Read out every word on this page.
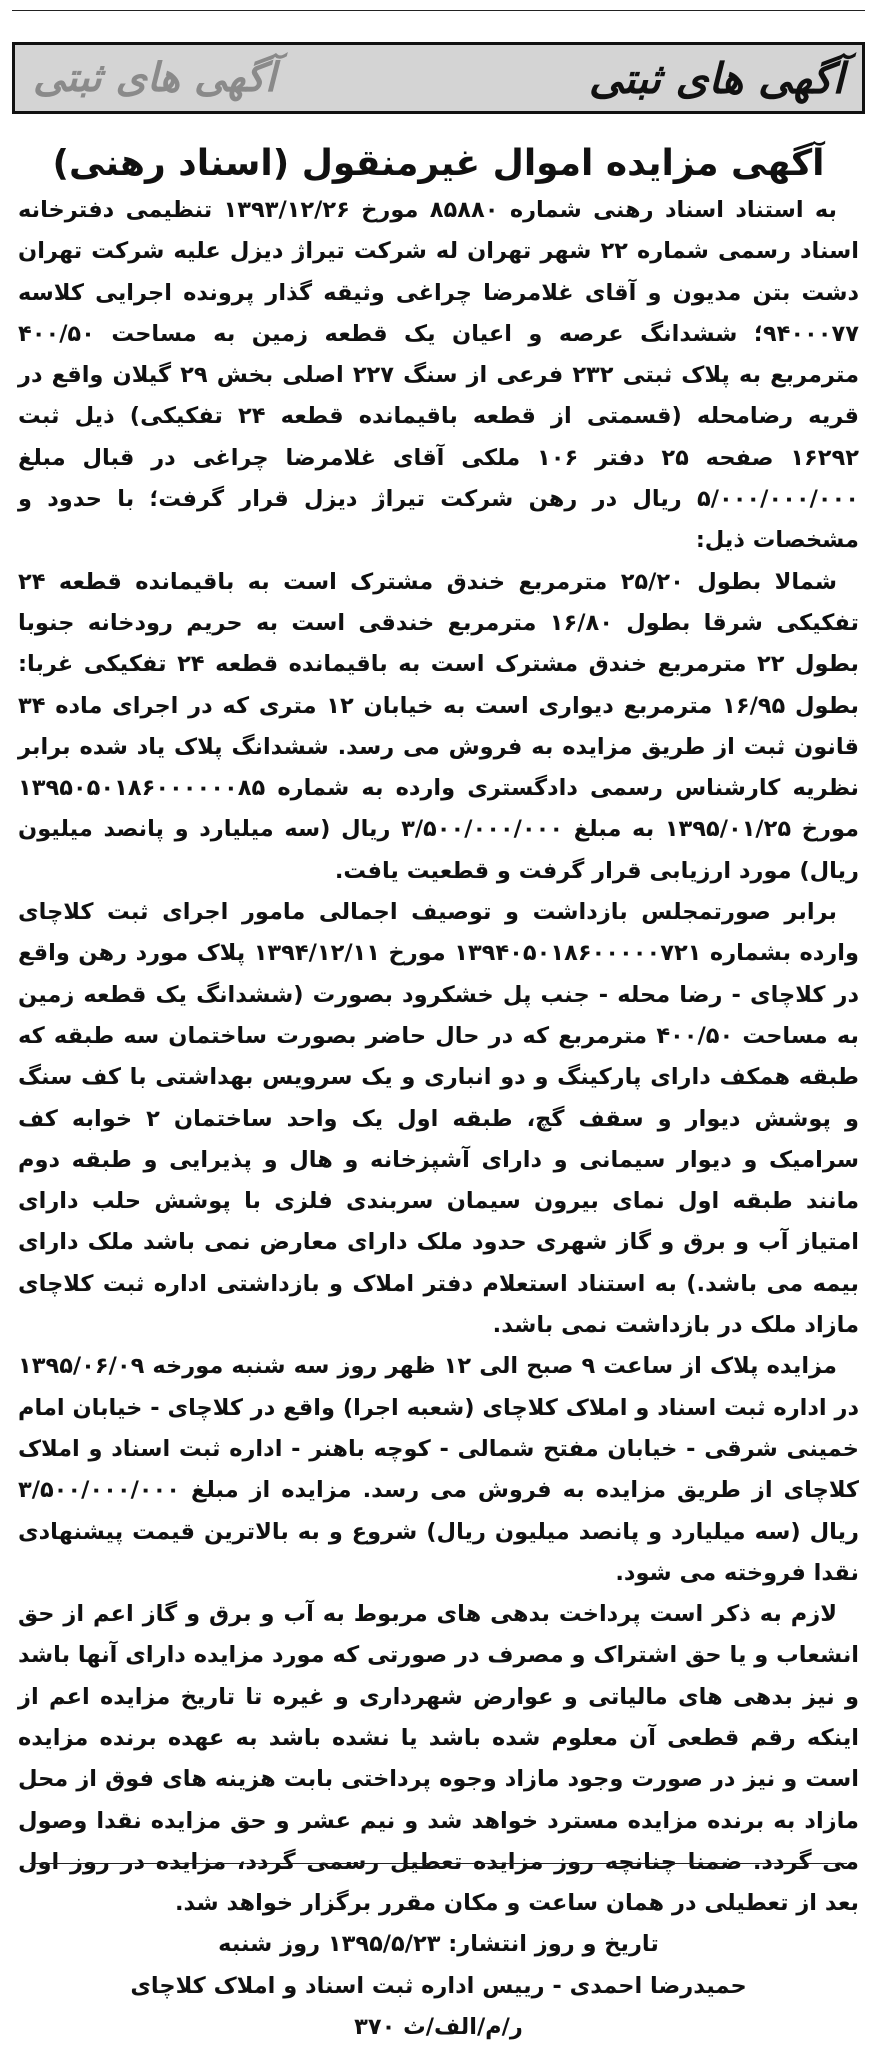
آگهی های ثبتی
آگهی های ثبتی
آگهی مزایده اموال غیرمنقول (اسناد رهنی)

به استناد اسناد رهنی شماره ۸۵۸۸۰ مورخ ۱۳۹۳/۱۲/۲۶ تنظیمی دفترخانه اسناد رسمی شماره ۲۲ شهر تهران له شرکت تیراژ دیزل علیه شرکت تهران دشت بتن مدیون و آقای غلامرضا چراغی وثیقه گذار پرونده اجرایی کلاسه ۹۴۰۰۰۷۷؛ ششدانگ عرصه و اعیان یک قطعه زمین به مساحت ۴۰۰/۵۰ مترمربع به پلاک ثبتی ۲۳۲ فرعی از سنگ ۲۲۷ اصلی بخش ۲۹ گیلان واقع در قریه رضامحله (قسمتی از قطعه باقیمانده قطعه ۲۴ تفکیکی) ذیل ثبت ۱۶۲۹۲ صفحه ۲۵ دفتر ۱۰۶ ملکی آقای غلامرضا چراغی در قبال مبلغ ۵/۰۰۰/۰۰۰/۰۰۰ ریال در رهن شرکت تیراژ دیزل قرار گرفت؛ با حدود و مشخصات ذیل:

شمالا بطول ۲۵/۲۰ مترمربع خندق مشترک است به باقیمانده قطعه ۲۴ تفکیکی شرقا بطول ۱۶/۸۰ مترمربع خندقی است به حریم رودخانه جنوبا بطول ۲۲ مترمربع خندق مشترک است به باقیمانده قطعه ۲۴ تفکیکی غربا: بطول ۱۶/۹۵ مترمربع دیواری است به خیابان ۱۲ متری که در اجرای ماده ۳۴ قانون ثبت از طریق مزایده به فروش می رسد. ششدانگ پلاک یاد شده برابر نظریه کارشناس رسمی دادگستری وارده به شماره ۱۳۹۵۰۵۰۱۸۶۰۰۰۰۰۰۸۵ مورخ ۱۳۹۵/۰۱/۲۵ به مبلغ ۳/۵۰۰/۰۰۰/۰۰۰ ریال (سه میلیارد و پانصد میلیون ریال) مورد ارزیابی قرار گرفت و قطعیت یافت.

برابر صورتمجلس بازداشت و توصیف اجمالی مامور اجرای ثبت کلاچای وارده بشماره ۱۳۹۴۰۵۰۱۸۶۰۰۰۰۰۷۲۱ مورخ ۱۳۹۴/۱۲/۱۱ پلاک مورد رهن واقع در کلاچای - رضا محله - جنب پل خشکرود بصورت (ششدانگ یک قطعه زمین به مساحت ۴۰۰/۵۰ مترمربع که در حال حاضر بصورت ساختمان سه طبقه که طبقه همکف دارای پارکینگ و دو انباری و یک سرویس بهداشتی با کف سنگ و پوشش دیوار و سقف گچ، طبقه اول یک واحد ساختمان ۲ خوابه کف سرامیک و دیوار سیمانی و دارای آشپزخانه و هال و پذیرایی و طبقه دوم مانند طبقه اول نمای بیرون سیمان سربندی فلزی با پوشش حلب دارای امتیاز آب و برق و گاز شهری حدود ملک دارای معارض نمی باشد ملک دارای بیمه می باشد.) به استناد استعلام دفتر املاک و بازداشتی اداره ثبت کلاچای مازاد ملک در بازداشت نمی باشد.

مزایده پلاک از ساعت ۹ صبح الی ۱۲ ظهر روز سه شنبه مورخه ۱۳۹۵/۰۶/۰۹ در اداره ثبت اسناد و املاک کلاچای (شعبه اجرا) واقع در کلاچای - خیابان امام خمینی شرقی - خیابان مفتح شمالی - کوچه باهنر - اداره ثبت اسناد و املاک کلاچای از طریق مزایده به فروش می رسد. مزایده از مبلغ ۳/۵۰۰/۰۰۰/۰۰۰ ریال (سه میلیارد و پانصد میلیون ریال) شروع و به بالاترین قیمت پیشنهادی نقدا فروخته می شود.

لازم به ذکر است پرداخت بدهی های مربوط به آب و برق و گاز اعم از حق انشعاب و یا حق اشتراک و مصرف در صورتی که مورد مزایده دارای آنها باشد و نیز بدهی های مالیاتی و عوارض شهرداری و غیره تا تاریخ مزایده اعم از اینکه رقم قطعی آن معلوم شده باشد یا نشده باشد به عهده برنده مزایده است و نیز در صورت وجود مازاد وجوه پرداختی بابت هزینه های فوق از محل مازاد به برنده مزایده مسترد خواهد شد و نیم عشر و حق مزایده نقدا وصول می گردد. ضمنا چنانچه روز مزایده تعطیل رسمی گردد، مزایده در روز اول بعد از تعطیلی در همان ساعت و مکان مقرر برگزار خواهد شد.

تاریخ و روز انتشار: ۱۳۹۵/۵/۲۳ روز شنبه

حمیدرضا احمدی - رییس اداره ثبت اسناد و املاک کلاچای

ر/م/الف/ث ۳۷۰
